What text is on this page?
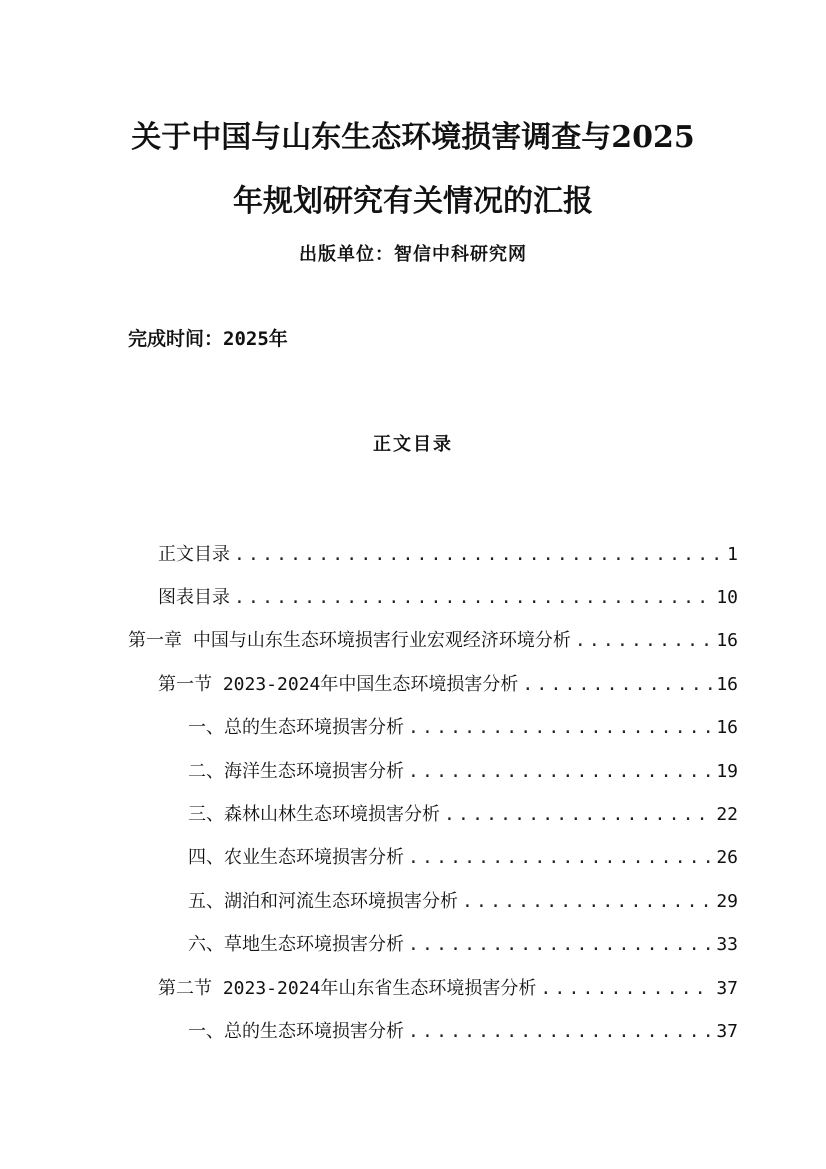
关于中国与山东生态环境损害调查与2025
年规划研究有关情况的汇报
出版单位：智信中科研究网
完成时间：2025年
正文目录
正文目录 .....	1
图表目录 .....	10
第一章 中国与山东生态环境损害行业宏观经济环境分析 .....	16
第一节 2023-2024年中国生态环境损害分析 .....	16
一、总的生态环境损害分析 .....	16
二、海洋生态环境损害分析 .....	19
三、森林山林生态环境损害分析 .....	22
四、农业生态环境损害分析 .....	26
五、湖泊和河流生态环境损害分析 .....	29
六、草地生态环境损害分析 .....	33
第二节 2023-2024年山东省生态环境损害分析 .....	37
一、总的生态环境损害分析 .....	37
